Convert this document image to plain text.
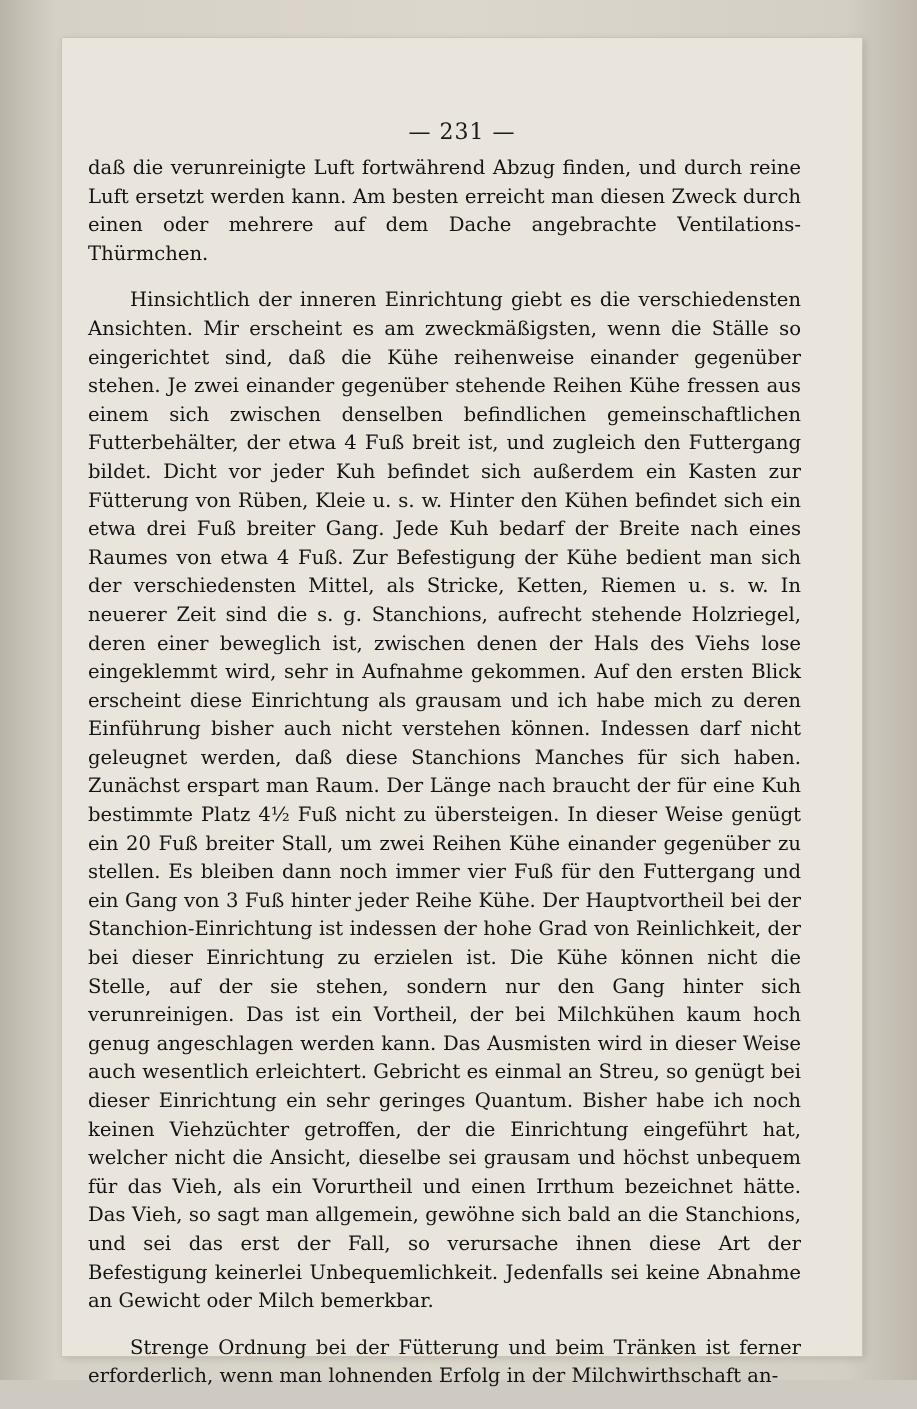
— 231 —

daß die verunreinigte Luft fortwährend Abzug finden, und durch reine Luft ersetzt werden kann. Am besten erreicht man diesen Zweck durch einen oder mehrere auf dem Dache angebrachte Ventilations-Thürmchen.

Hinsichtlich der inneren Einrichtung giebt es die verschiedensten Ansichten. Mir erscheint es am zweckmäßigsten, wenn die Ställe so eingerichtet sind, daß die Kühe reihenweise einander gegenüber stehen. Je zwei einander gegenüber stehende Reihen Kühe fressen aus einem sich zwischen denselben befindlichen gemeinschaftlichen Futterbehälter, der etwa 4 Fuß breit ist, und zugleich den Futtergang bildet. Dicht vor jeder Kuh befindet sich außerdem ein Kasten zur Fütterung von Rüben, Kleie u. s. w. Hinter den Kühen befindet sich ein etwa drei Fuß breiter Gang. Jede Kuh bedarf der Breite nach eines Raumes von etwa 4 Fuß. Zur Befestigung der Kühe bedient man sich der verschiedensten Mittel, als Stricke, Ketten, Riemen u. s. w. In neuerer Zeit sind die s. g. Stanchions, aufrecht stehende Holzriegel, deren einer beweglich ist, zwischen denen der Hals des Viehs lose eingeklemmt wird, sehr in Aufnahme gekommen. Auf den ersten Blick erscheint diese Einrichtung als grausam und ich habe mich zu deren Einführung bisher auch nicht verstehen können. Indessen darf nicht geleugnet werden, daß diese Stanchions Manches für sich haben. Zunächst erspart man Raum. Der Länge nach braucht der für eine Kuh bestimmte Platz 4½ Fuß nicht zu übersteigen. In dieser Weise genügt ein 20 Fuß breiter Stall, um zwei Reihen Kühe einander gegenüber zu stellen. Es bleiben dann noch immer vier Fuß für den Futtergang und ein Gang von 3 Fuß hinter jeder Reihe Kühe. Der Hauptvortheil bei der Stanchion-Einrichtung ist indessen der hohe Grad von Reinlichkeit, der bei dieser Einrichtung zu erzielen ist. Die Kühe können nicht die Stelle, auf der sie stehen, sondern nur den Gang hinter sich verunreinigen. Das ist ein Vortheil, der bei Milchkühen kaum hoch genug angeschlagen werden kann. Das Ausmisten wird in dieser Weise auch wesentlich erleichtert. Gebricht es einmal an Streu, so genügt bei dieser Einrichtung ein sehr geringes Quantum. Bisher habe ich noch keinen Viehzüchter getroffen, der die Einrichtung eingeführt hat, welcher nicht die Ansicht, dieselbe sei grausam und höchst unbequem für das Vieh, als ein Vorurtheil und einen Irrthum bezeichnet hätte. Das Vieh, so sagt man allgemein, gewöhne sich bald an die Stanchions, und sei das erst der Fall, so verursache ihnen diese Art der Befestigung keinerlei Unbequemlichkeit. Jedenfalls sei keine Abnahme an Gewicht oder Milch bemerkbar.

Strenge Ordnung bei der Fütterung und beim Tränken ist ferner erforderlich, wenn man lohnenden Erfolg in der Milchwirthschaft an-
